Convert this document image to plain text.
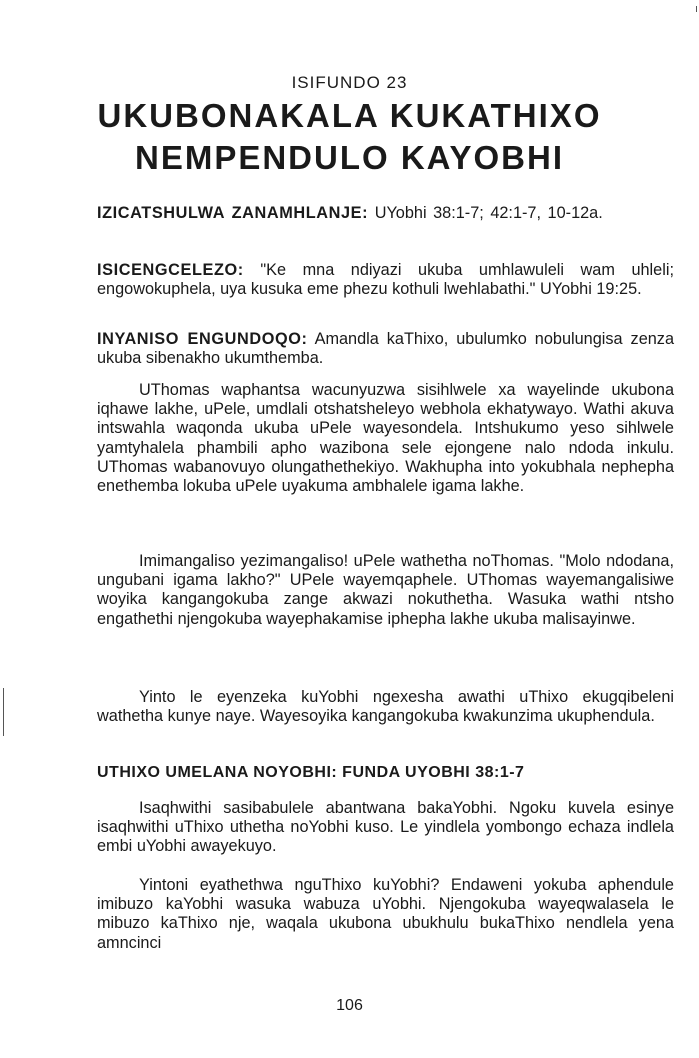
ISIFUNDO 23
UKUBONAKALA KUKATHIXO
NEMPENDULO KAYOBHI
IZICATSHULWA ZANAMHLANJE: UYobhi 38:1-7; 42:1-7, 10-12a.
ISICENGCELEZO: "Ke mna ndiyazi ukuba umhlawuleli wam uhleli; engowokuphela, uya kusuka eme phezu kothuli lwehlabathi." UYobhi 19:25.
INYANISO ENGUNDOQO: Amandla kaThixo, ubulumko nobulungisa zenza ukuba sibenakho ukumthemba.
UThomas waphantsa wacunyuzwa sisihlwele xa wayelinde ukubona iqhawe lakhe, uPele, umdlali otshatsheleyo webhola ekhatywayo. Wathi akuva intswahla waqonda ukuba uPele wayesondela. Intshukumo yeso sihlwele yamtyhalela phambili apho wazibona sele ejongene nalo ndoda inkulu. UThomas wabanovuyo olungathethekiyo. Wakhupha into yokubhala nephepha enethemba lokuba uPele uyakuma ambhalele igama lakhe.
Imimangaliso yezimangaliso! uPele wathetha noThomas. "Molo ndodana, ungubani igama lakho?" UPele wayemqaphele. UThomas wayemangalisiwe woyika kangangokuba zange akwazi nokuthetha. Wasuka wathi ntsho engathethi njengokuba wayephakamise iphepha lakhe ukuba malisayinwe.
Yinto le eyenzeka kuYobhi ngexesha awathi uThixo ekugqibeleni wathetha kunye naye. Wayesoyika kangangokuba kwakunzima ukuphendula.
UTHIXO UMELANA NOYOBHI: FUNDA UYOBHI 38:1-7
Isaqhwithi sasibabulele abantwana bakaYobhi. Ngoku kuvela esinye isaqhwithi uThixo uthetha noYobhi kuso. Le yindlela yombongo echaza indlela embi uYobhi awayekuyo.
Yintoni eyathethwa nguThixo kuYobhi? Endaweni yokuba aphendule imibuzo kaYobhi wasuka wabuza uYobhi. Njengokuba wayeqwalasela le mibuzo kaThixo nje, waqala ukubona ubukhulu bukaThixo nendlela yena amncinci
106
